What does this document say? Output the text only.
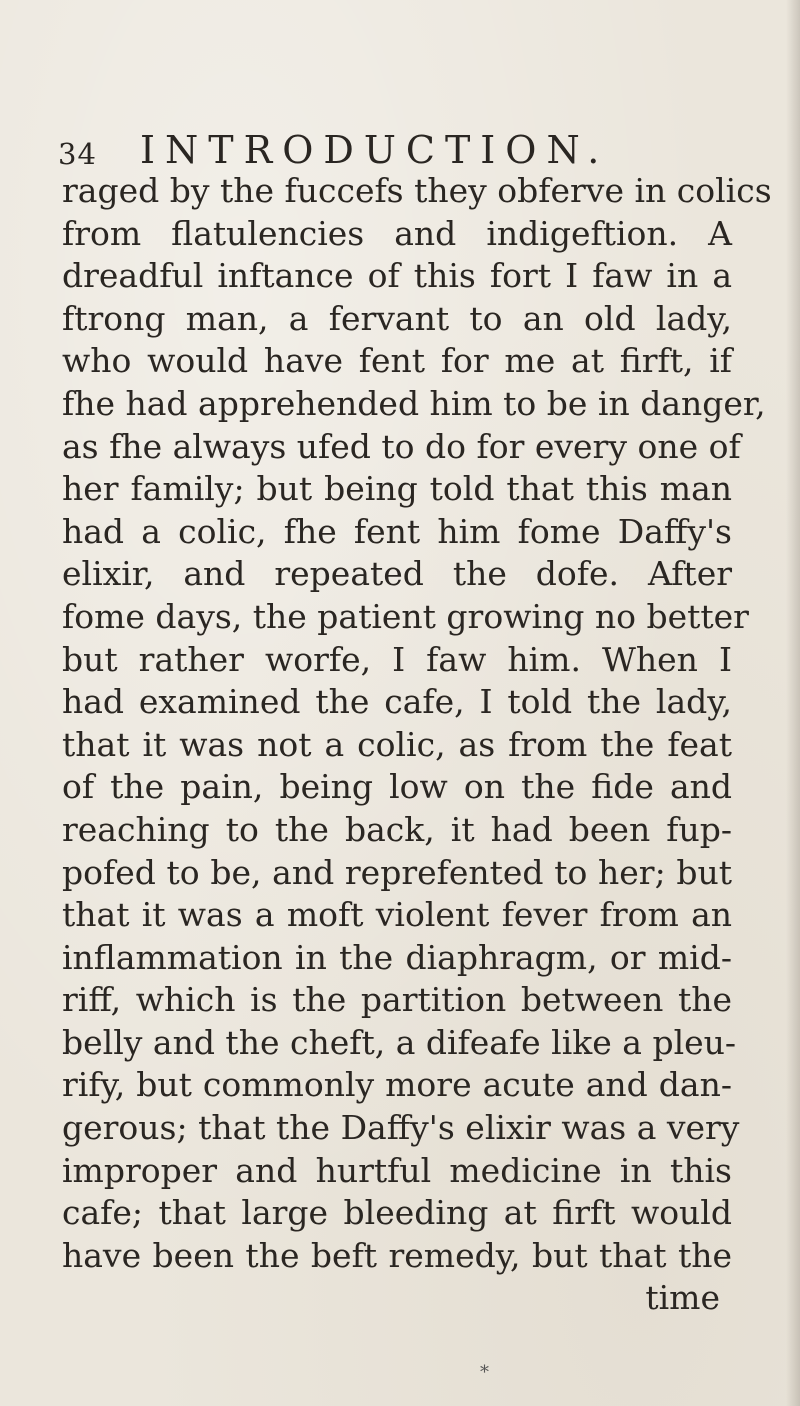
34 INTRODUCTION.
raged by the fuccefs they obferve in colics
from flatulencies and indigeftion. A
dreadful inftance of this fort I faw in a
ftrong man, a fervant to an old lady,
who would have fent for me at firft, if
fhe had apprehended him to be in danger,
as fhe always ufed to do for every one of
her family; but being told that this man
had a colic, fhe fent him fome Daffy's
elixir, and repeated the dofe. After
fome days, the patient growing no better
but rather worfe, I faw him. When I
had examined the cafe, I told the lady,
that it was not a colic, as from the feat
of the pain, being low on the fide and
reaching to the back, it had been fup-
pofed to be, and reprefented to her; but
that it was a moft violent fever from an
inflammation in the diaphragm, or mid-
riff, which is the partition between the
belly and the cheft, a difeafe like a pleu-
rify, but commonly more acute and dan-
gerous; that the Daffy's elixir was a very
improper and hurtful medicine in this
cafe; that large bleeding at firft would
have been the beft remedy, but that the
time
*
